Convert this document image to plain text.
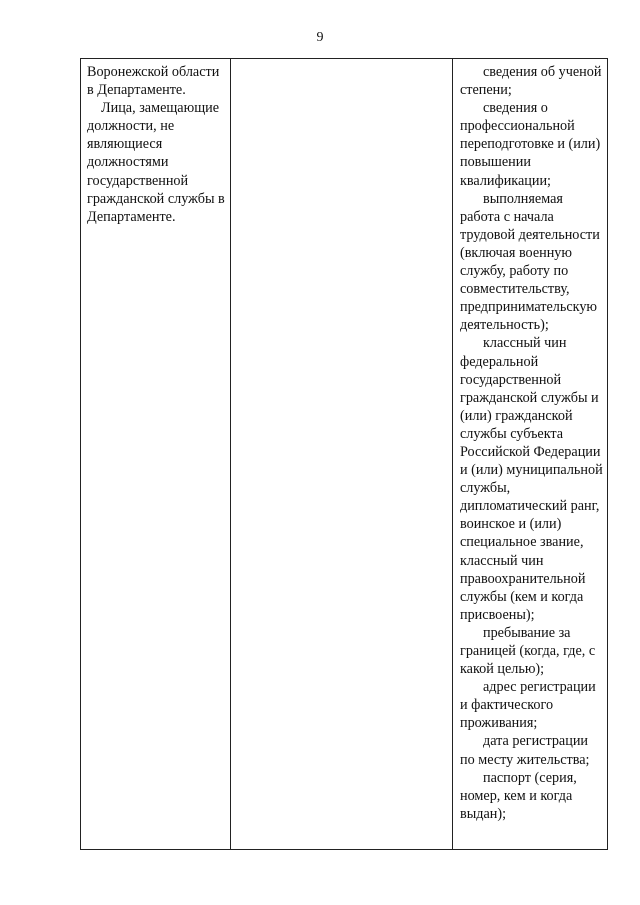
9

Воронежской области в Департаменте.

Лица, замещающие должности, не являющиеся должностями государственной гражданской службы в Департаменте.

сведения об ученой степени;

сведения о профессиональной переподготовке и (или) повышении квалификации;

выполняемая работа с начала трудовой деятельности (включая военную службу, работу по совместительству, предпринимательскую деятельность);

классный чин федеральной государственной гражданской службы и (или) гражданской службы субъекта Российской Федерации и (или) муниципальной службы, дипломатический ранг, воинское и (или) специальное звание, классный чин правоохранительной службы (кем и когда присвоены);

пребывание за границей (когда, где, с какой целью);

адрес регистрации и фактического проживания;

дата регистрации по месту жительства;

паспорт (серия, номер, кем и когда выдан);
